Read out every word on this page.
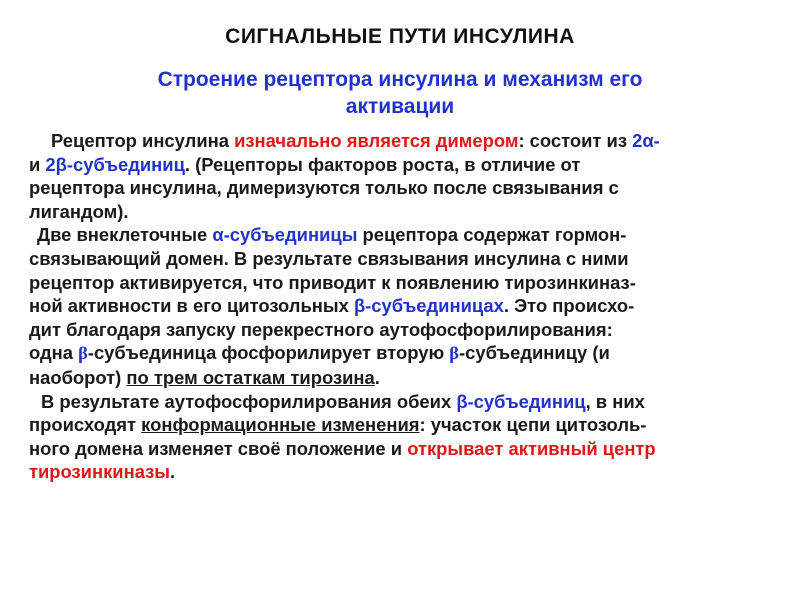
СИГНАЛЬНЫЕ ПУТИ ИНСУЛИНА
Строение рецептора инсулина и механизм его
активации
Рецептор инсулина изначально является димером: состоит из 2α-
и 2β-субъединиц. (Рецепторы факторов роста, в отличие от
рецептора инсулина, димеризуются только после связывания с
лигандом).
Две внеклеточные α-субъединицы рецептора содержат гормон-
связывающий домен. В результате связывания инсулина с ними
рецептор активируется, что приводит к появлению тирозинкиназ-
ной активности в его цитозольных β-субъединицах. Это происхо-
дит благодаря запуску перекрестного аутофосфорилирования:
одна β-субъединица фосфорилирует вторую β-субъединицу (и
наоборот) по трем остаткам тирозина.
В результате аутофосфорилирования обеих β-субъединиц, в них
происходят конформационные изменения: участок цепи цитозоль-
ного домена изменяет своё положение и открывает активный центр
тирозинкиназы.
